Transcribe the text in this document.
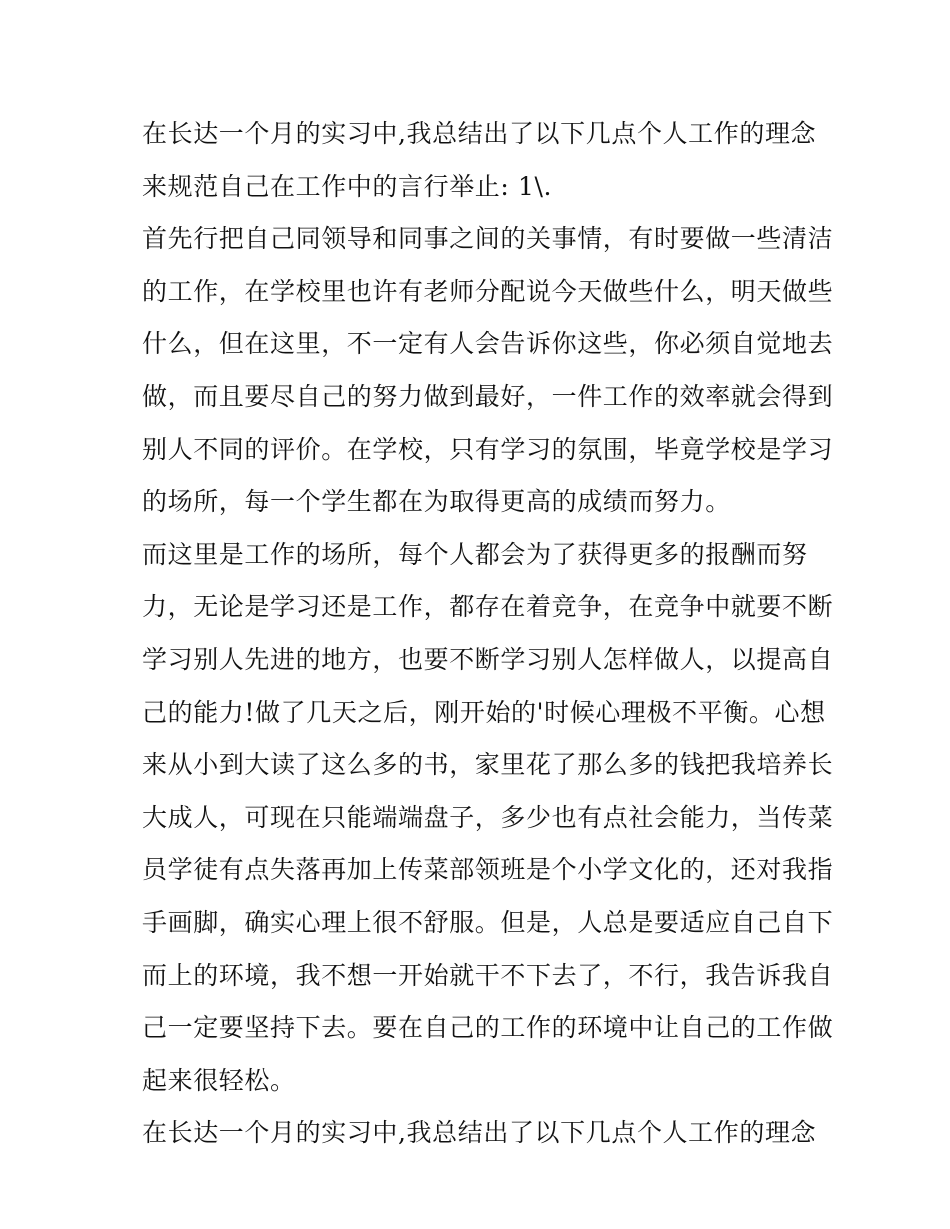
在长达一个月的实习中,我总结出了以下几点个人工作的理念
来规范自己在工作中的言行举止: 1\.
首先行把自己同领导和同事之间的关事情，有时要做一些清洁
的工作，在学校里也许有老师分配说今天做些什么，明天做些
什么，但在这里，不一定有人会告诉你这些，你必须自觉地去
做，而且要尽自己的努力做到最好，一件工作的效率就会得到
别人不同的评价。在学校，只有学习的氛围，毕竟学校是学习
的场所，每一个学生都在为取得更高的成绩而努力。
而这里是工作的场所，每个人都会为了获得更多的报酬而努
力，无论是学习还是工作，都存在着竞争，在竞争中就要不断
学习别人先进的地方，也要不断学习别人怎样做人，以提高自
己的能力!做了几天之后，刚开始的'时候心理极不平衡。心想
来从小到大读了这么多的书，家里花了那么多的钱把我培养长
大成人，可现在只能端端盘子，多少也有点社会能力，当传菜
员学徒有点失落再加上传菜部领班是个小学文化的，还对我指
手画脚，确实心理上很不舒服。但是，人总是要适应自己自下
而上的环境，我不想一开始就干不下去了，不行，我告诉我自
己一定要坚持下去。要在自己的工作的环境中让自己的工作做
起来很轻松。
在长达一个月的实习中,我总结出了以下几点个人工作的理念
